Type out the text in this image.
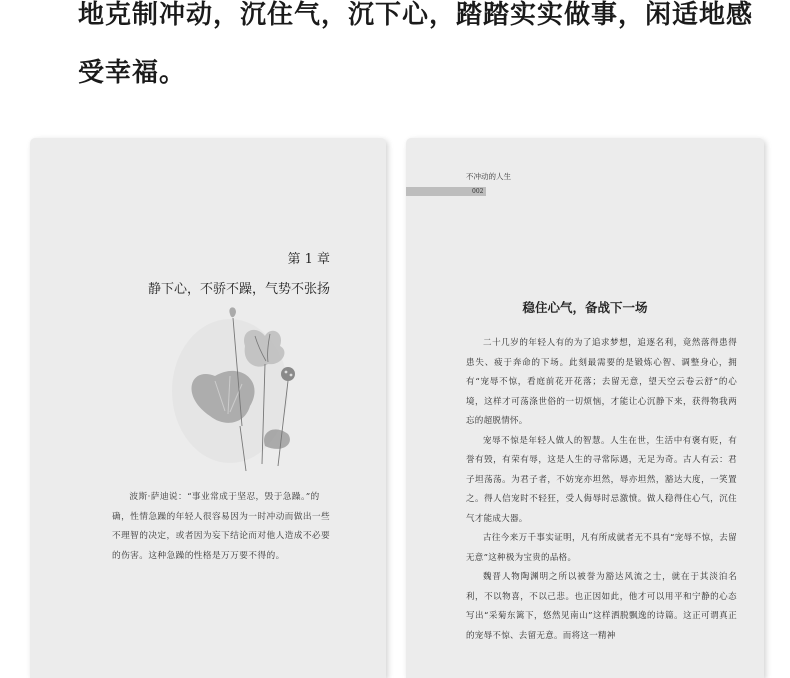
地克制冲动，沉住气，沉下心，踏踏实实做事，闲适地感受幸福。

第 1 章
静下心，不骄不躁，气势不张扬

波斯·萨迪说：“事业常成于坚忍，毁于急躁。”的确，性情急躁的年轻人很容易因为一时冲动而做出一些不理智的决定，或者因为妄下结论而对他人造成不必要的伤害。这种急躁的性格是万万要不得的。

不冲动的人生
002
稳住心气，备战下一场

二十几岁的年轻人有的为了追求梦想，追逐名利，竟然落得患得患失、疲于奔命的下场。此刻最需要的是锻炼心智、调整身心，拥有“宠辱不惊，看庭前花开花落；去留无意，望天空云卷云舒”的心境，这样才可荡涤世俗的一切烦恼，才能让心沉静下来，获得物我两忘的超脱情怀。

宠辱不惊是年轻人做人的智慧。人生在世，生活中有褒有贬，有誉有毁，有荣有辱，这是人生的寻常际遇，无足为奇。古人有云：君子坦荡荡。为君子者，不妨宠亦坦然，辱亦坦然，豁达大度，一笑置之。得人信宠时不轻狂，受人侮辱时忌激愤。做人稳得住心气，沉住气才能成大器。

古往今来万千事实证明，凡有所成就者无不具有“宠辱不惊，去留无意”这种极为宝贵的品格。

魏晋人物陶渊明之所以被誉为豁达风流之士，就在于其淡泊名利，不以物喜，不以己悲。也正因如此，他才可以用平和宁静的心态写出“采菊东篱下，悠然见南山”这样洒脱飘逸的诗篇。这正可谓真正的宠辱不惊、去留无意。而将这一精神
